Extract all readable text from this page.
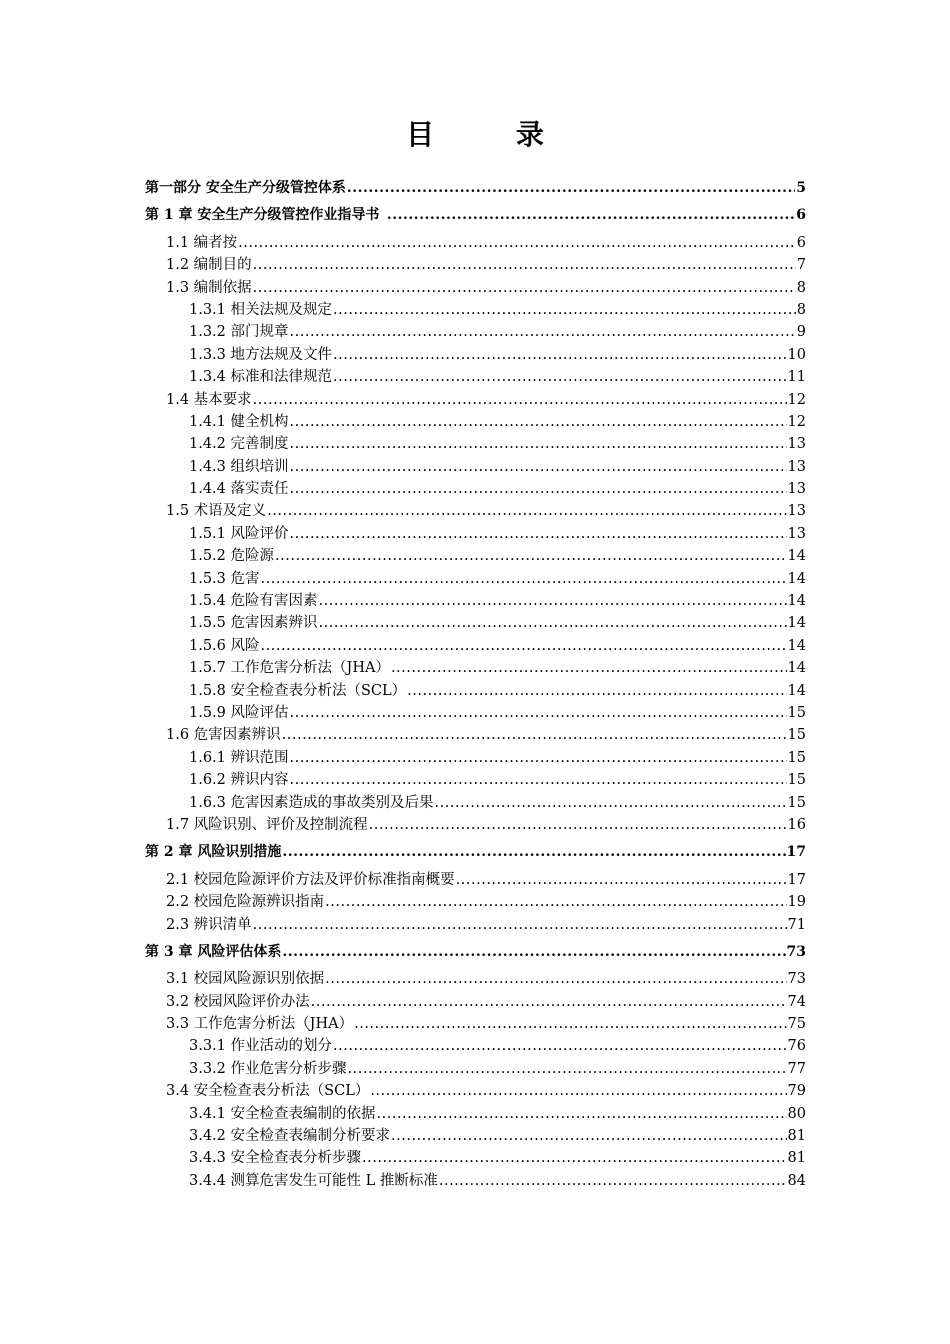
目 录
第一部分 安全生产分级管控体系 .....	5
第 1 章 安全生产分级管控作业指导书 .....	6
1.1 编者按 .....	6
1.2 编制目的 .....	7
1.3 编制依据 .....	8
1.3.1 相关法规及规定 .....	8
1.3.2 部门规章 .....	9
1.3.3 地方法规及文件 .....	10
1.3.4 标准和法律规范 .....	11
1.4 基本要求 .....	12
1.4.1 健全机构 .....	12
1.4.2 完善制度 .....	13
1.4.3 组织培训 .....	13
1.4.4 落实责任 .....	13
1.5 术语及定义 .....	13
1.5.1 风险评价 .....	13
1.5.2 危险源 .....	14
1.5.3 危害 .....	14
1.5.4 危险有害因素 .....	14
1.5.5 危害因素辨识 .....	14
1.5.6 风险 .....	14
1.5.7 工作危害分析法（JHA） .....	14
1.5.8 安全检查表分析法（SCL） .....	14
1.5.9 风险评估 .....	15
1.6 危害因素辨识 .....	15
1.6.1 辨识范围 .....	15
1.6.2 辨识内容 .....	15
1.6.3 危害因素造成的事故类别及后果 .....	15
1.7 风险识别、评价及控制流程 .....	16
第 2 章 风险识别措施 .....	17
2.1 校园危险源评价方法及评价标准指南概要 .....	17
2.2 校园危险源辨识指南 .....	19
2.3 辨识清单 .....	71
第 3 章 风险评估体系 .....	73
3.1 校园风险源识别依据 .....	73
3.2 校园风险评价办法 .....	74
3.3 工作危害分析法（JHA） .....	75
3.3.1 作业活动的划分 .....	76
3.3.2 作业危害分析步骤 .....	77
3.4 安全检查表分析法（SCL） .....	79
3.4.1 安全检查表编制的依据 .....	80
3.4.2 安全检查表编制分析要求 .....	81
3.4.3 安全检查表分析步骤 .....	81
3.4.4 测算危害发生可能性 L 推断标准 .....	84
